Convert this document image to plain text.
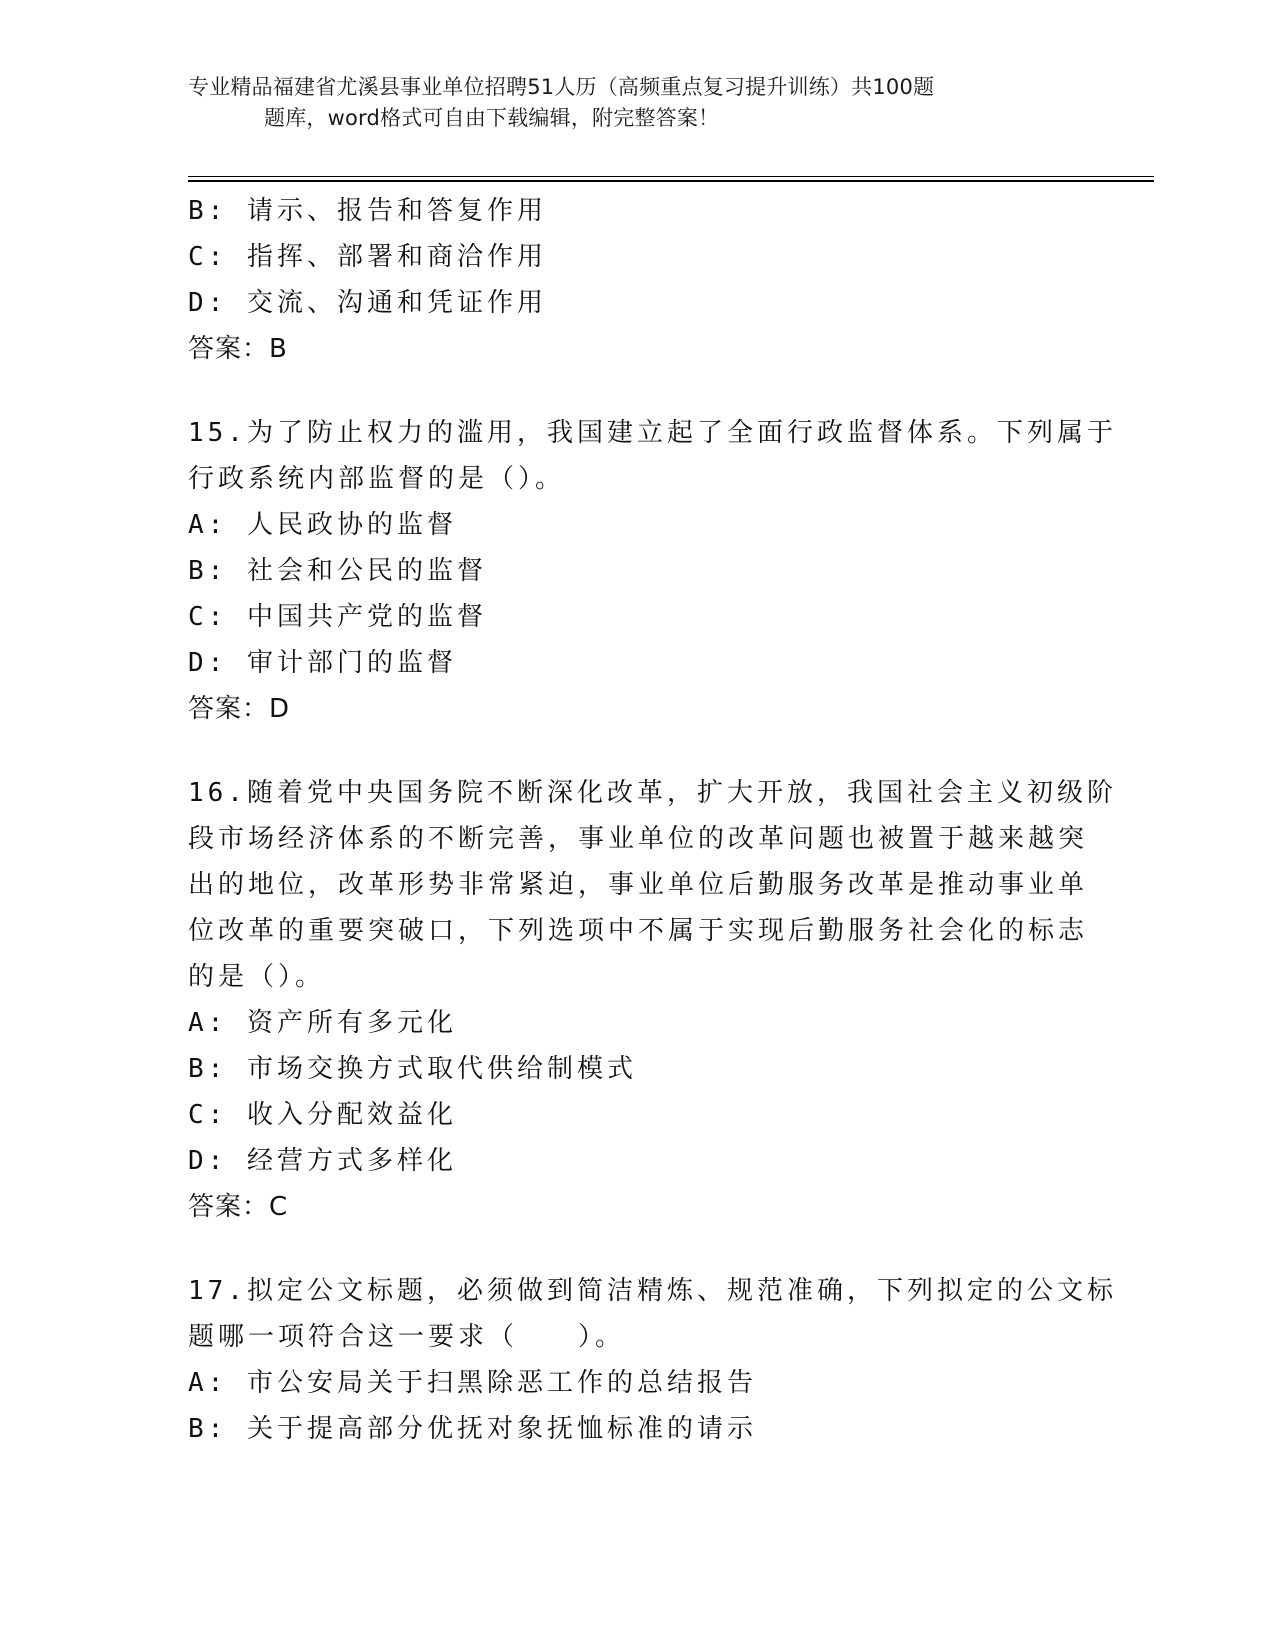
专业精品福建省尤溪县事业单位招聘51人历（高频重点复习提升训练）共100题
题库，word格式可自由下载编辑，附完整答案！
B: 请示、报告和答复作用
C: 指挥、部署和商洽作用
D: 交流、沟通和凭证作用
答案：B
15.为了防止权力的滥用，我国建立起了全面行政监督体系。下列属于
行政系统内部监督的是（）。
A: 人民政协的监督
B: 社会和公民的监督
C: 中国共产党的监督
D: 审计部门的监督
答案：D
16.随着党中央国务院不断深化改革，扩大开放，我国社会主义初级阶
段市场经济体系的不断完善，事业单位的改革问题也被置于越来越突
出的地位，改革形势非常紧迫，事业单位后勤服务改革是推动事业单
位改革的重要突破口，下列选项中不属于实现后勤服务社会化的标志
的是（）。
A: 资产所有多元化
B: 市场交换方式取代供给制模式
C: 收入分配效益化
D: 经营方式多样化
答案：C
17.拟定公文标题，必须做到简洁精炼、规范准确，下列拟定的公文标
题哪一项符合这一要求（　　）。
A: 市公安局关于扫黑除恶工作的总结报告
B: 关于提高部分优抚对象抚恤标准的请示
